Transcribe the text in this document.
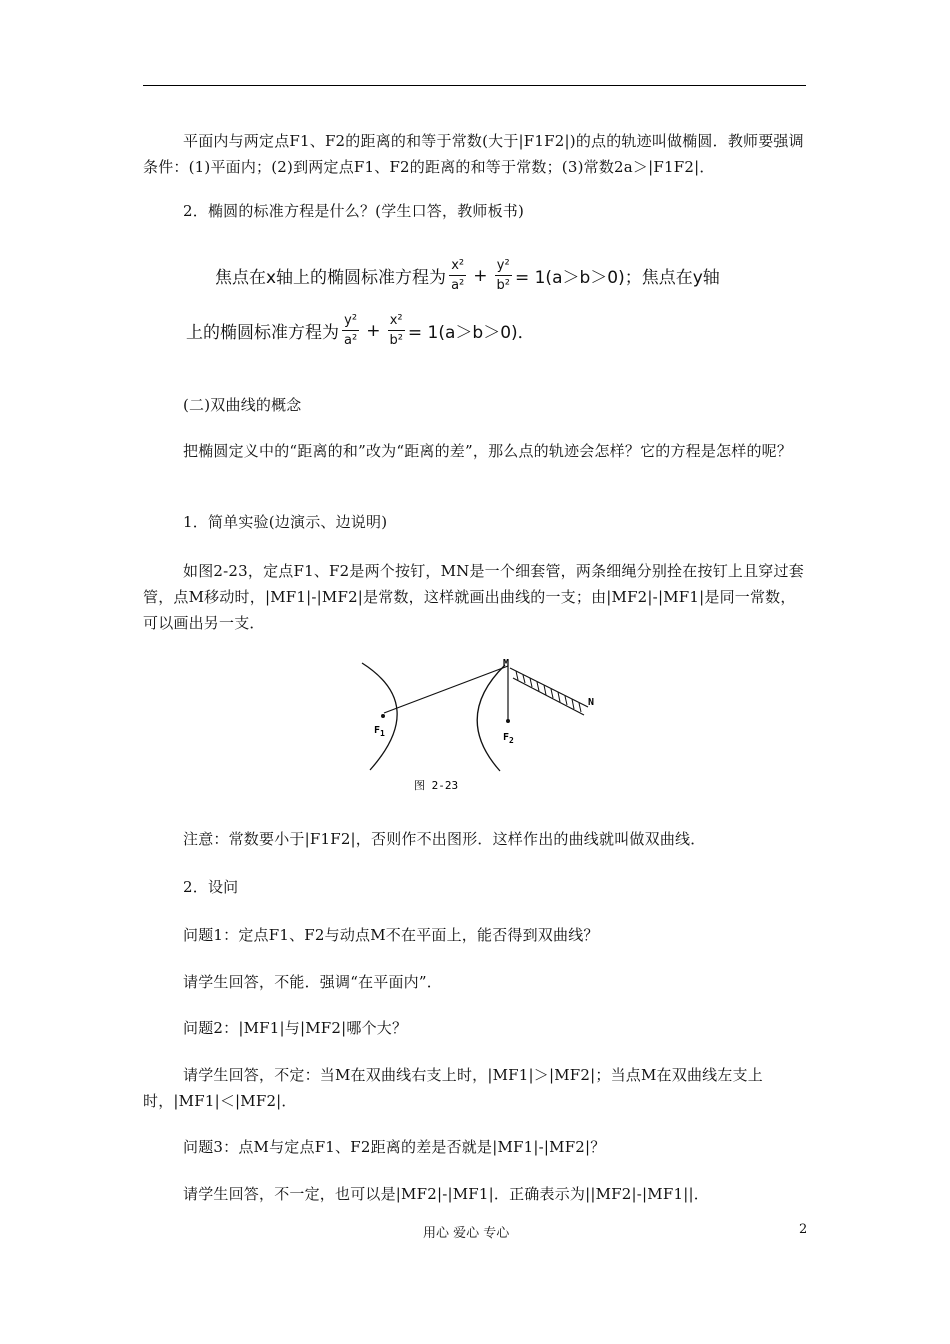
平面内与两定点F1、F2的距离的和等于常数(大于|F1F2|)的点的轨迹叫做椭圆．教师要强调条件：(1)平面内；(2)到两定点F1、F2的距离的和等于常数；(3)常数2a＞|F1F2|．

2．椭圆的标准方程是什么？(学生口答，教师板书)

焦点在x轴上的椭圆标准方程为 $\frac{\text{x²}}{\text{a²}} + \frac{\text{y²}}{\text{b²}} = 1(a>b>0)$；焦点在y轴
上的椭圆标准方程为 $\frac{\text{y²}}{\text{a²}} + \frac{\text{x²}}{\text{b²}} = 1(a>b>0)$．

(二)双曲线的概念

把椭圆定义中的“距离的和”改为“距离的差”，那么点的轨迹会怎样？它的方程是怎样的呢？

1．简单实验(边演示、边说明)

如图2-23，定点F1、F2是两个按钉，MN是一个细套管，两条细绳分别拴在按钉上且穿过套管，点M移动时，|MF1|-|MF2|是常数，这样就画出曲线的一支；由|MF2|-|MF1|是同一常数，可以画出另一支．

M
N
$F_1$	$F_2$
图 2-23

注意：常数要小于|F1F2|，否则作不出图形．这样作出的曲线就叫做双曲线．

2．设问

问题1：定点F1、F2与动点M不在平面上，能否得到双曲线？

请学生回答，不能．强调“在平面内”．

问题2：|MF1|与|MF2|哪个大？

请学生回答，不定：当M在双曲线右支上时，|MF1|＞|MF2|；当点M在双曲线左支上时，|MF1|＜|MF2|．

问题3：点M与定点F1、F2距离的差是否就是|MF1|-|MF2|？

请学生回答，不一定，也可以是|MF2|-|MF1|．正确表示为||MF2|-|MF1||．

用心 爱心 专心	2
